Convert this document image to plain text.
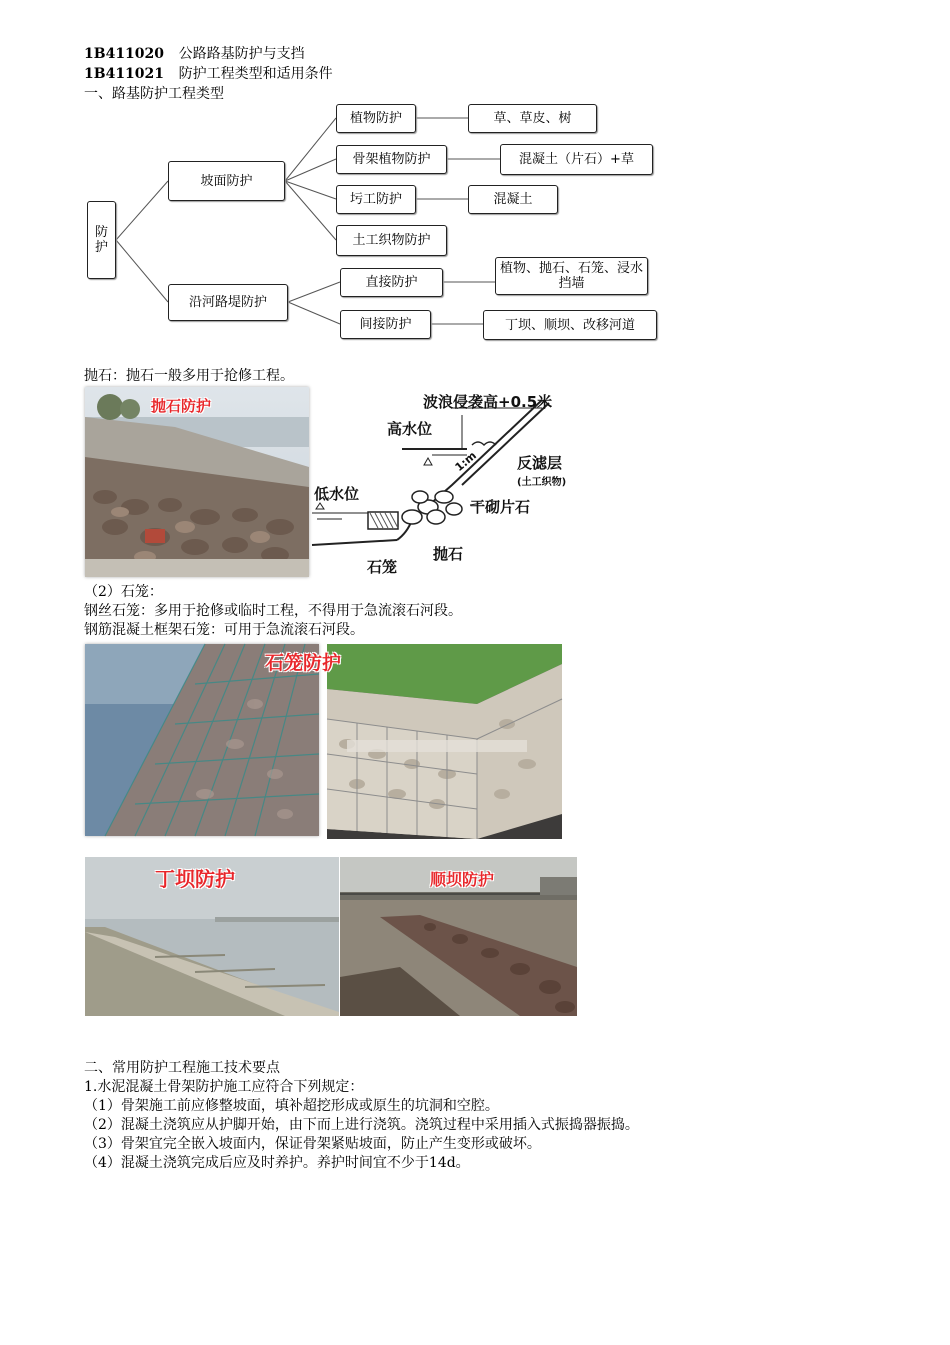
1B411020 公路路基防护与支挡
1B411021 防护工程类型和适用条件
一、路基防护工程类型
防
护
坡面防护
沿河路堤防护
植物防护	草、草皮、树
骨架植物防护	混凝土（片石）+草
圬工防护	混凝土
土工织物防护
直接防护
植物、抛石、石笼、浸水挡墙
间接防护	丁坝、顺坝、改移河道
抛石：抛石一般多用于抢修工程。
抛石防护	波浪侵袭高+0.5米
高水位
1:m	反滤层
(土工织物)
低水位
干砌片石
石笼
抛石
（2）石笼：
钢丝石笼：多用于抢修或临时工程，不得用于急流滚石河段。
钢筋混凝土框架石笼：可用于急流滚石河段。
石笼防护
丁坝防护	顺坝防护
二、常用防护工程施工技术要点
1.水泥混凝土骨架防护施工应符合下列规定：
（1）骨架施工前应修整坡面，填补超挖形成或原生的坑洞和空腔。
（2）混凝土浇筑应从护脚开始，由下而上进行浇筑。浇筑过程中采用插入式振捣器振捣。
（3）骨架宜完全嵌入坡面内，保证骨架紧贴坡面，防止产生变形或破坏。
（4）混凝土浇筑完成后应及时养护。养护时间宜不少于14d。
